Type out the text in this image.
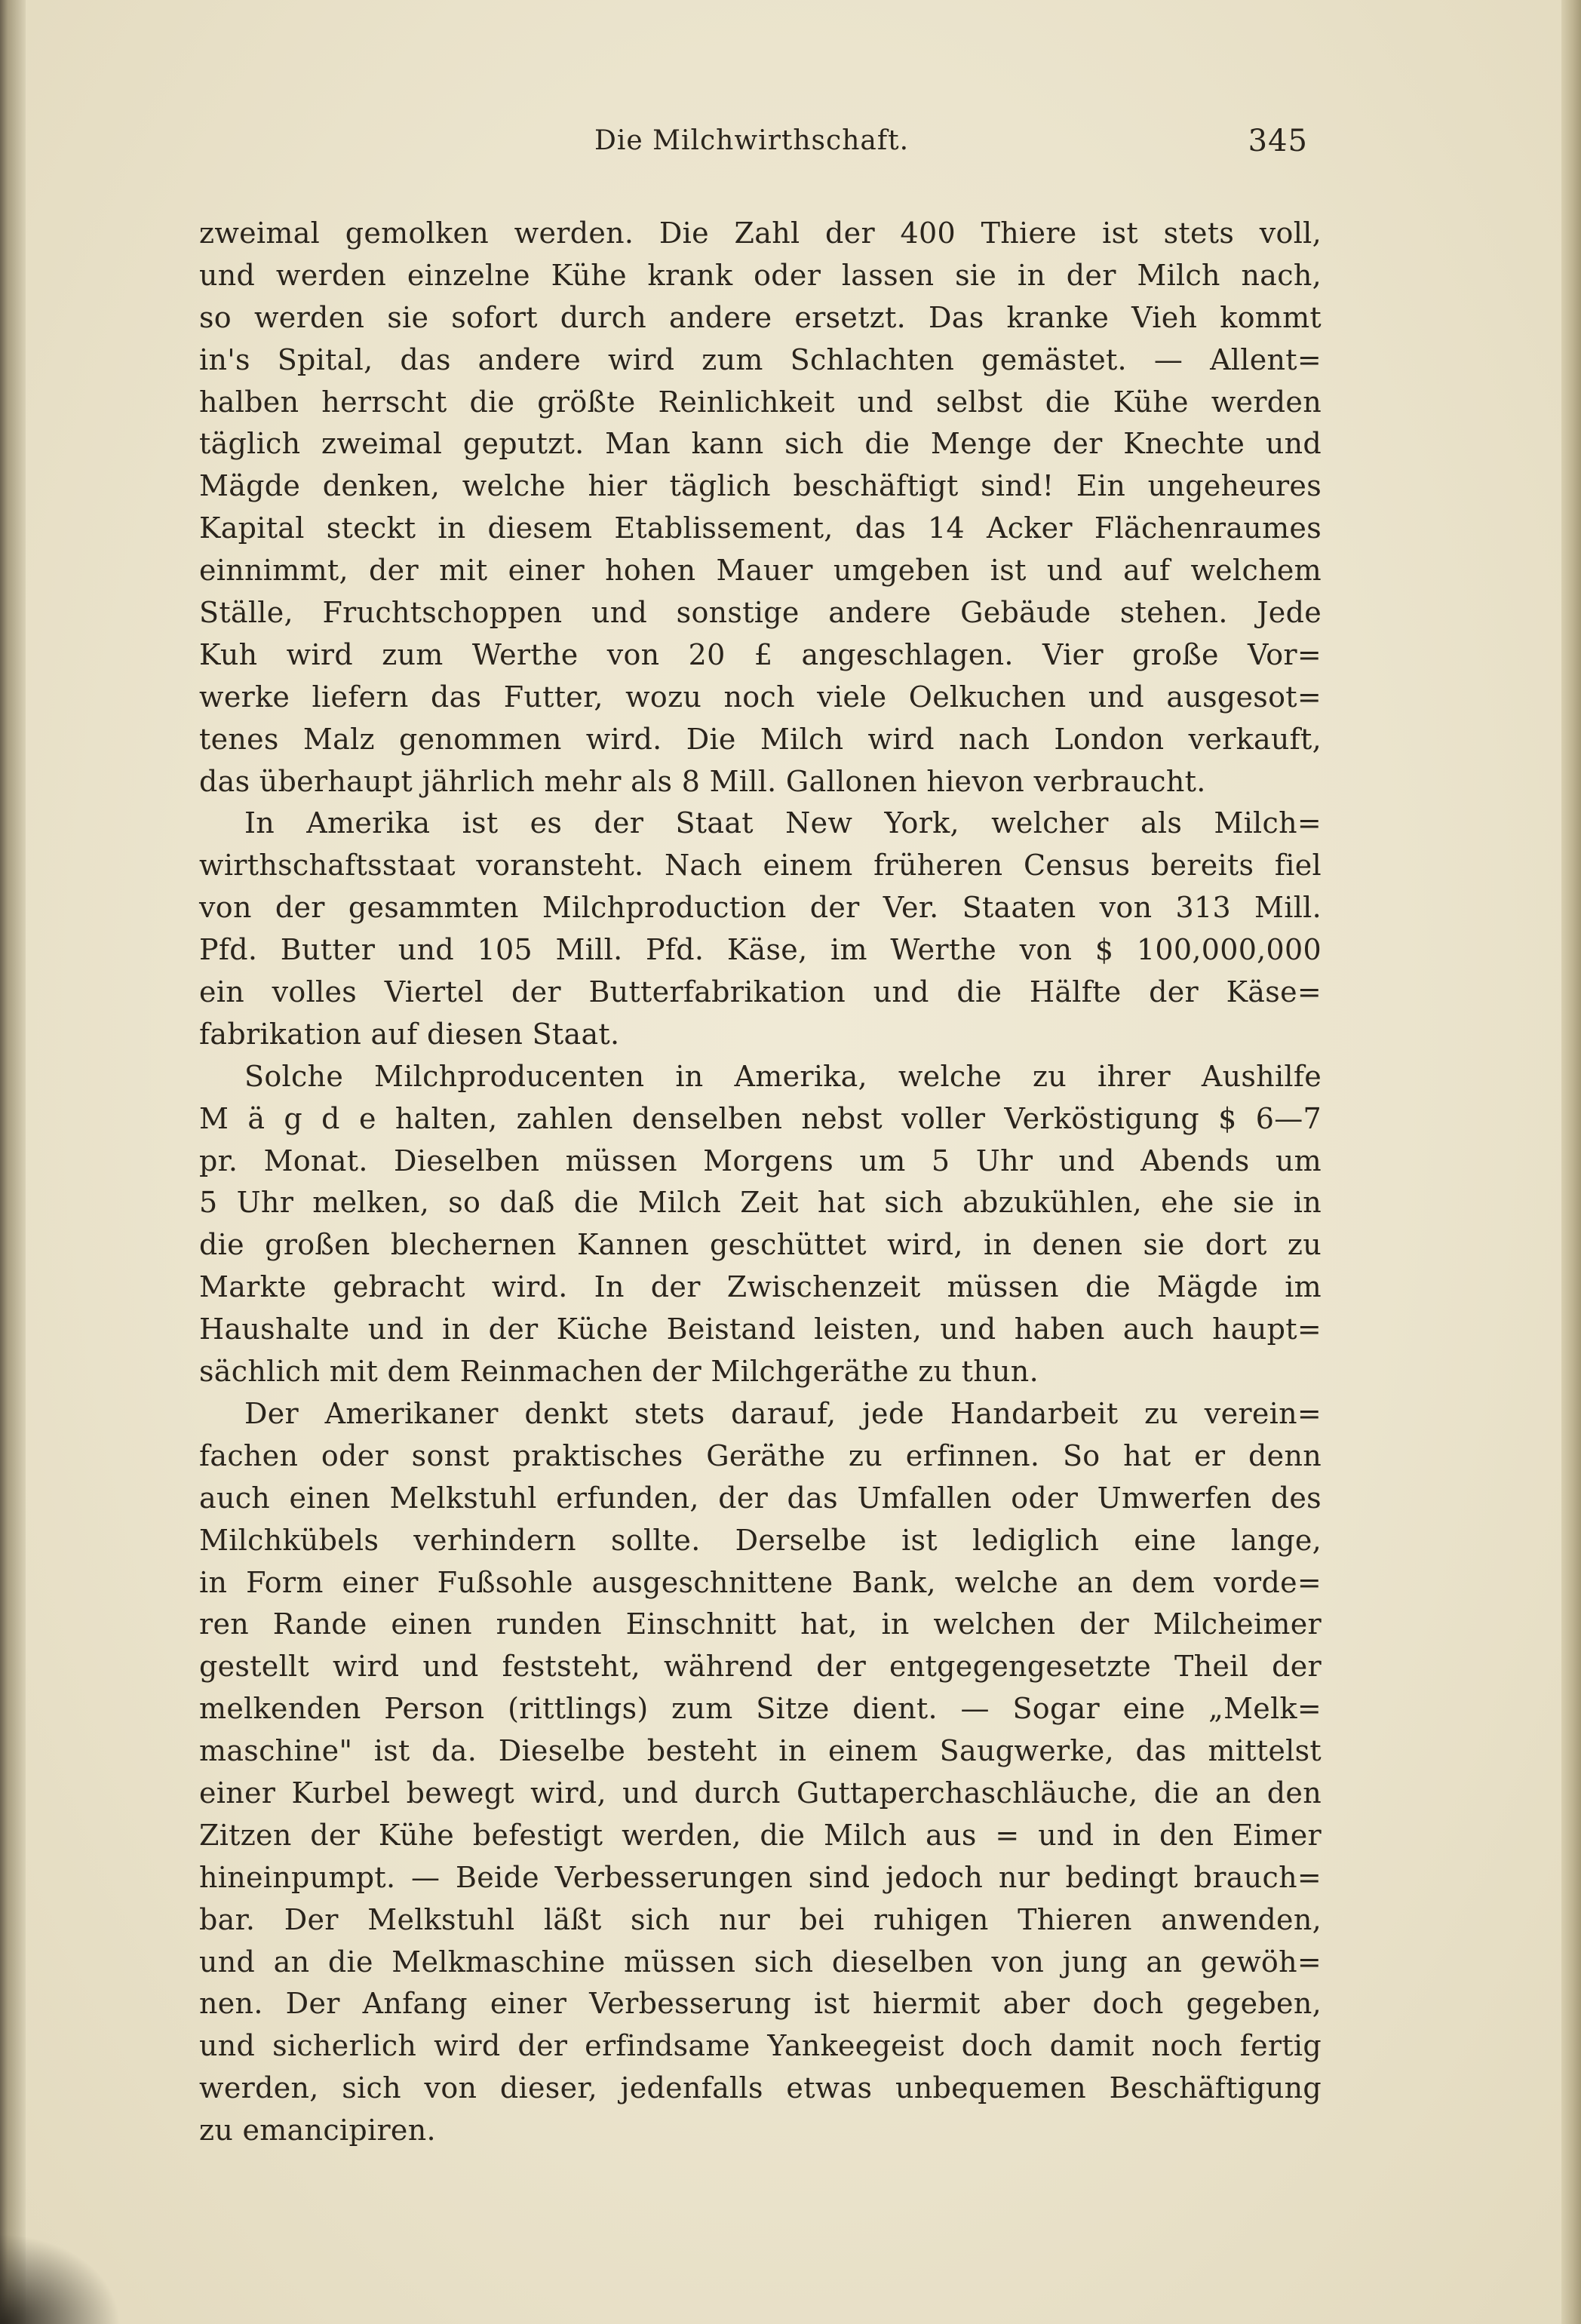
Die Milchwirthschaft.	345
zweimal gemolken werden. Die Zahl der 400 Thiere ist stets voll,
und werden einzelne Kühe krank oder lassen sie in der Milch nach,
so werden sie sofort durch andere ersetzt. Das kranke Vieh kommt
in's Spital, das andere wird zum Schlachten gemästet. — Allent=
halben herrscht die größte Reinlichkeit und selbst die Kühe werden
täglich zweimal geputzt. Man kann sich die Menge der Knechte und
Mägde denken, welche hier täglich beschäftigt sind! Ein ungeheures
Kapital steckt in diesem Etablissement, das 14 Acker Flächenraumes
einnimmt, der mit einer hohen Mauer umgeben ist und auf welchem
Ställe, Fruchtschoppen und sonstige andere Gebäude stehen. Jede
Kuh wird zum Werthe von 20 £ angeschlagen. Vier große Vor=
werke liefern das Futter, wozu noch viele Oelkuchen und ausgesot=
tenes Malz genommen wird. Die Milch wird nach London verkauft,
das überhaupt jährlich mehr als 8 Mill. Gallonen hievon verbraucht.
In Amerika ist es der Staat New York, welcher als Milch=
wirthschaftsstaat voransteht. Nach einem früheren Census bereits fiel
von der gesammten Milchproduction der Ver. Staaten von 313 Mill.
Pfd. Butter und 105 Mill. Pfd. Käse, im Werthe von $ 100,000,000
ein volles Viertel der Butterfabrikation und die Hälfte der Käse=
fabrikation auf diesen Staat.
Solche Milchproducenten in Amerika, welche zu ihrer Aushilfe
M ä g d e halten, zahlen denselben nebst voller Verköstigung $ 6—7
pr. Monat. Dieselben müssen Morgens um 5 Uhr und Abends um
5 Uhr melken, so daß die Milch Zeit hat sich abzukühlen, ehe sie in
die großen blechernen Kannen geschüttet wird, in denen sie dort zu
Markte gebracht wird. In der Zwischenzeit müssen die Mägde im
Haushalte und in der Küche Beistand leisten, und haben auch haupt=
sächlich mit dem Reinmachen der Milchgeräthe zu thun.
Der Amerikaner denkt stets darauf, jede Handarbeit zu verein=
fachen oder sonst praktisches Geräthe zu erfinnen. So hat er denn
auch einen Melkstuhl erfunden, der das Umfallen oder Umwerfen des
Milchkübels verhindern sollte. Derselbe ist lediglich eine lange,
in Form einer Fußsohle ausgeschnittene Bank, welche an dem vorde=
ren Rande einen runden Einschnitt hat, in welchen der Milcheimer
gestellt wird und feststeht, während der entgegengesetzte Theil der
melkenden Person (rittlings) zum Sitze dient. — Sogar eine „Melk=
maschine" ist da. Dieselbe besteht in einem Saugwerke, das mittelst
einer Kurbel bewegt wird, und durch Guttaperchaschläuche, die an den
Zitzen der Kühe befestigt werden, die Milch aus = und in den Eimer
hineinpumpt. — Beide Verbesserungen sind jedoch nur bedingt brauch=
bar. Der Melkstuhl läßt sich nur bei ruhigen Thieren anwenden,
und an die Melkmaschine müssen sich dieselben von jung an gewöh=
nen. Der Anfang einer Verbesserung ist hiermit aber doch gegeben,
und sicherlich wird der erfindsame Yankeegeist doch damit noch fertig
werden, sich von dieser, jedenfalls etwas unbequemen Beschäftigung
zu emancipiren.
